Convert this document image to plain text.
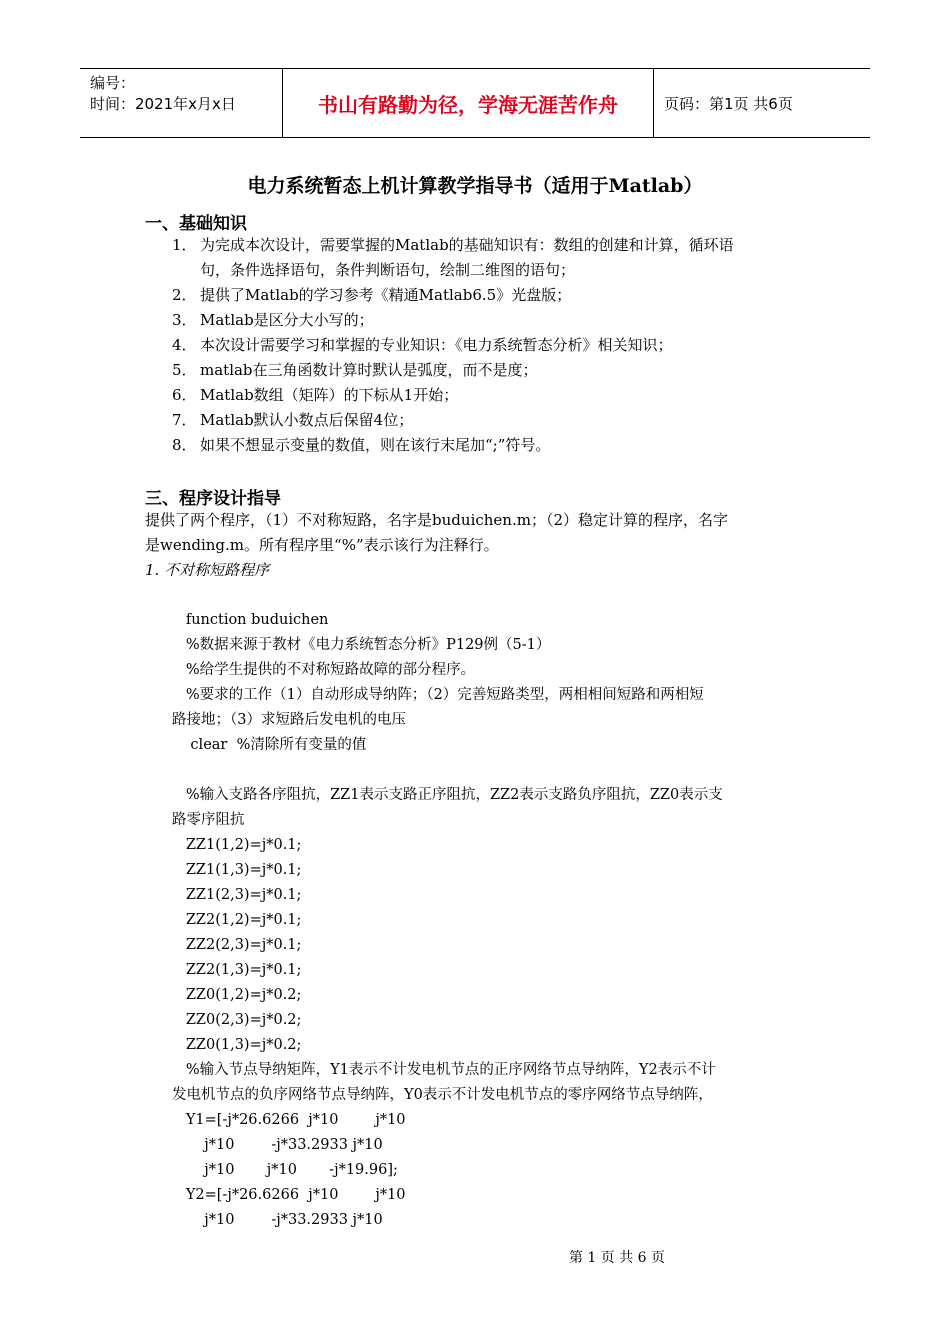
编号：
时间：2021年x月x日	书山有路勤为径，学海无涯苦作舟	页码：第1页 共6页
电力系统暂态上机计算教学指导书（适用于Matlab）
一、基础知识
1． 为完成本次设计，需要掌握的Matlab的基础知识有：数组的创建和计算，循环语
句，条件选择语句，条件判断语句，绘制二维图的语句；
2． 提供了Matlab的学习参考《精通Matlab6.5》光盘版；
3． Matlab是区分大小写的；
4． 本次设计需要学习和掌握的专业知识：《电力系统暂态分析》相关知识；
5． matlab在三角函数计算时默认是弧度，而不是度；
6． Matlab数组（矩阵）的下标从1开始；
7． Matlab默认小数点后保留4位；
8． 如果不想显示变量的数值，则在该行末尾加“;”符号。
三、程序设计指导
提供了两个程序，（1）不对称短路，名字是buduichen.m；（2）稳定计算的程序，名字
是wending.m。所有程序里“%”表示该行为注释行。
1. 不对称短路程序
function buduichen
%数据来源于教材《电力系统暂态分析》P129例（5-1）
%给学生提供的不对称短路故障的部分程序。
%要求的工作（1）自动形成导纳阵；（2）完善短路类型，两相相间短路和两相短
路接地；（3）求短路后发电机的电压
clear  %清除所有变量的值
%输入支路各序阻抗，ZZ1表示支路正序阻抗，ZZ2表示支路负序阻抗，ZZ0表示支
路零序阻抗
ZZ1(1,2)=j*0.1;
ZZ1(1,3)=j*0.1;
ZZ1(2,3)=j*0.1;
ZZ2(1,2)=j*0.1;
ZZ2(2,3)=j*0.1;
ZZ2(1,3)=j*0.1;
ZZ0(1,2)=j*0.2;
ZZ0(2,3)=j*0.2;
ZZ0(1,3)=j*0.2;
%输入节点导纳矩阵，Y1表示不计发电机节点的正序网络节点导纳阵，Y2表示不计
发电机节点的负序网络节点导纳阵，Y0表示不计发电机节点的零序网络节点导纳阵，
Y1=[-j*26.6266  j*10        j*10
j*10        -j*33.2933 j*10
j*10       j*10       -j*19.96];
Y2=[-j*26.6266  j*10        j*10
j*10        -j*33.2933 j*10
第 1 页 共 6 页
